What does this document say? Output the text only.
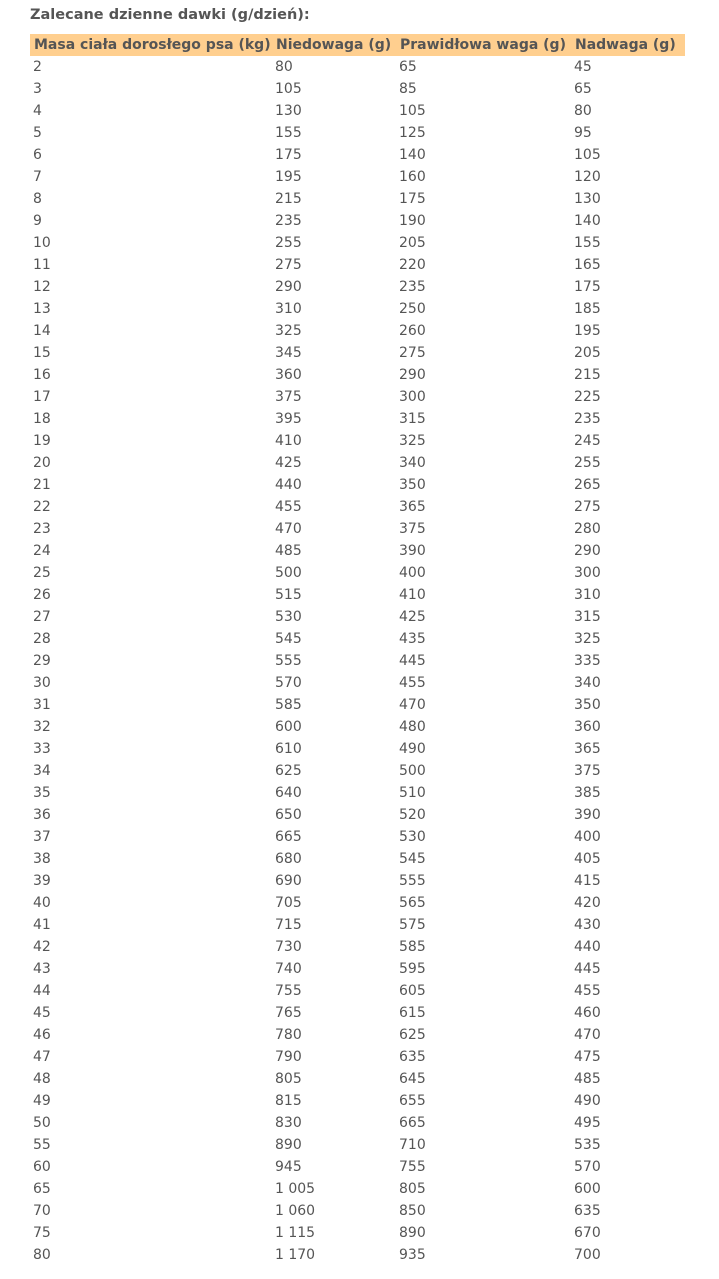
Zalecane dzienne dawki (g/dzień):
Masa ciała dorosłego psa (kg)	Niedowaga (g)	Prawidłowa waga (g)	Nadwaga (g)
2	80	65	45
3	105	85	65
4	130	105	80
5	155	125	95
6	175	140	105
7	195	160	120
8	215	175	130
9	235	190	140
10	255	205	155
11	275	220	165
12	290	235	175
13	310	250	185
14	325	260	195
15	345	275	205
16	360	290	215
17	375	300	225
18	395	315	235
19	410	325	245
20	425	340	255
21	440	350	265
22	455	365	275
23	470	375	280
24	485	390	290
25	500	400	300
26	515	410	310
27	530	425	315
28	545	435	325
29	555	445	335
30	570	455	340
31	585	470	350
32	600	480	360
33	610	490	365
34	625	500	375
35	640	510	385
36	650	520	390
37	665	530	400
38	680	545	405
39	690	555	415
40	705	565	420
41	715	575	430
42	730	585	440
43	740	595	445
44	755	605	455
45	765	615	460
46	780	625	470
47	790	635	475
48	805	645	485
49	815	655	490
50	830	665	495
55	890	710	535
60	945	755	570
65	1 005	805	600
70	1 060	850	635
75	1 115	890	670
80	1 170	935	700
